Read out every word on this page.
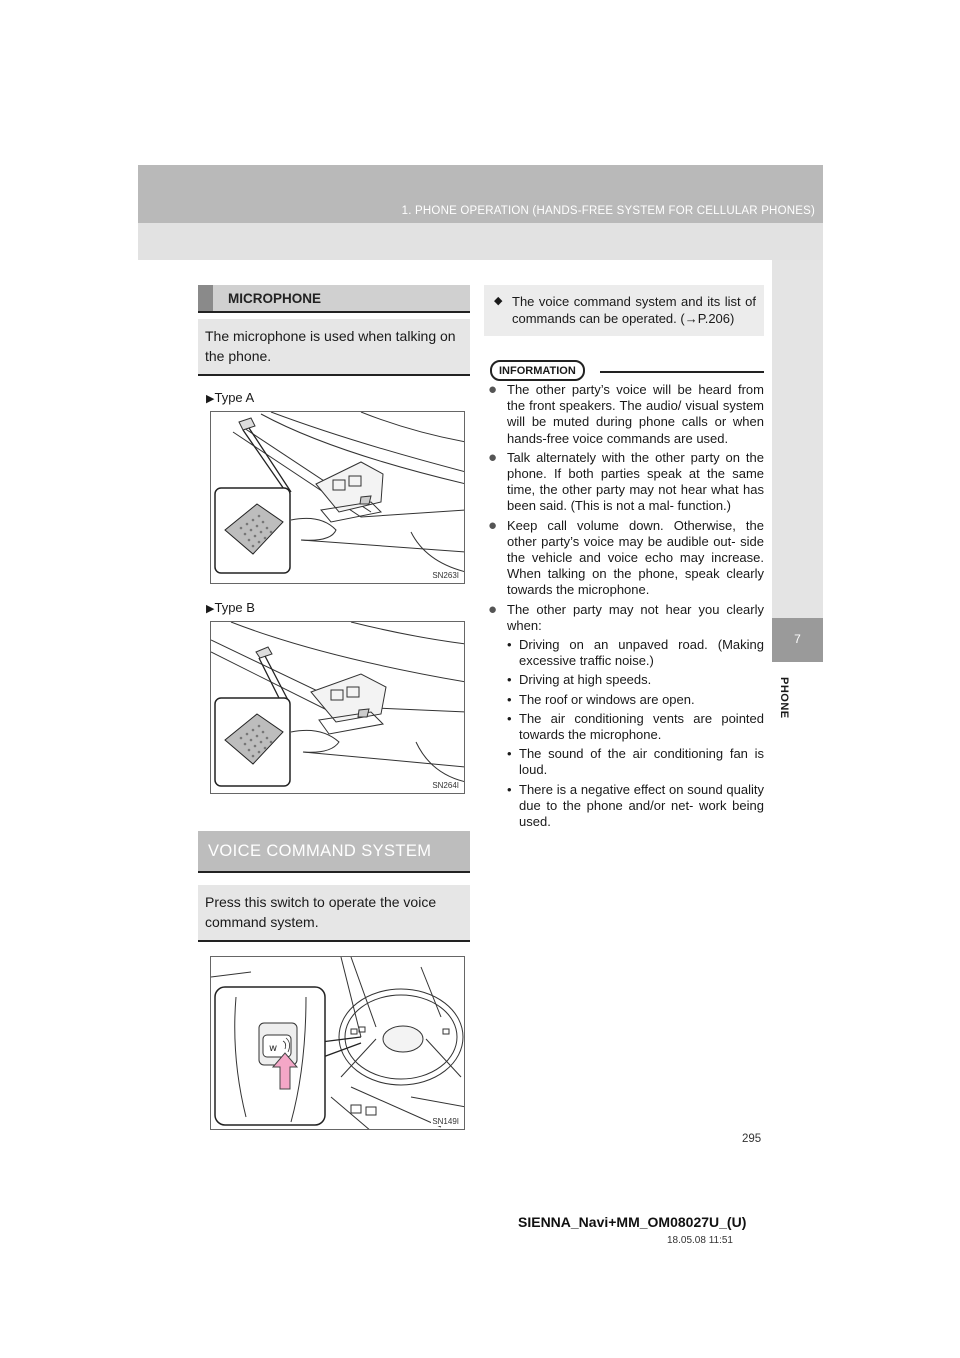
1. PHONE OPERATION (HANDS-FREE SYSTEM FOR CELLULAR PHONES)
7
PHONE
MICROPHONE
The microphone is used when talking on the phone.
▶Type A
SN263I
▶Type B
SN264I
VOICE COMMAND SYSTEM
Press this switch to operate the voice command system.
w
SN149I
◆ The voice command system and its list of commands can be operated. (→P.206)
INFORMATION
● The other party’s voice will be heard from the front speakers. The audio/ visual system will be muted during phone calls or when hands-free voice commands are used.
● Talk alternately with the other party on the phone. If both parties speak at the same time, the other party may not hear what has been said. (This is not a mal- function.)
● Keep call volume down. Otherwise, the other party’s voice may be audible out- side the vehicle and voice echo may increase. When talking on the phone, speak clearly towards the microphone.
● The other party may not hear you clearly when:
• Driving on an unpaved road. (Making excessive traffic noise.)
• Driving at high speeds.
• The roof or windows are open.
• The air conditioning vents are pointed towards the microphone.
• The sound of the air conditioning fan is loud.
• There is a negative effect on sound quality due to the phone and/or net- work being used.
295
SIENNA_Navi+MM_OM08027U_(U)
18.05.08 11:51
